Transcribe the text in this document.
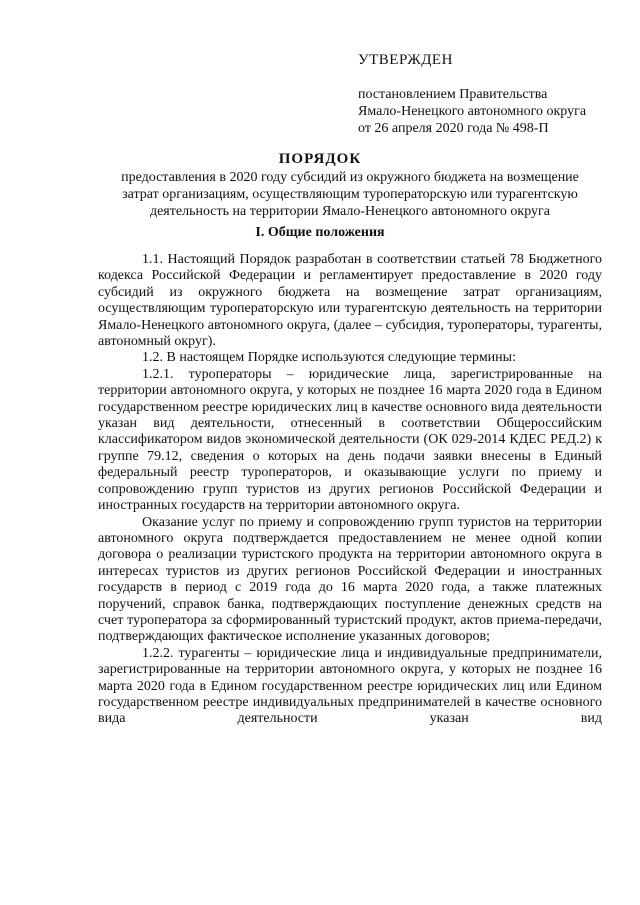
УТВЕРЖДЕН
постановлением Правительства
Ямало-Ненецкого автономного округа
от 26 апреля 2020 года № 498-П
ПОРЯДОК
предоставления в 2020 году субсидий из окружного бюджета на возмещение
затрат организациям, осуществляющим туроператорскую или турагентскую
деятельность на территории Ямало-Ненецкого автономного округа
I. Общие положения

1.1. Настоящий Порядок разработан в соответствии статьей 78 Бюджетного кодекса Российской Федерации и регламентирует предоставление в 2020 году субсидий из окружного бюджета на возмещение затрат организациям, осуществляющим туроператорскую или турагентскую деятельность на территории Ямало-Ненецкого автономного округа, (далее – субсидия, туроператоры, турагенты, автономный округ).

1.2. В настоящем Порядке используются следующие термины:

1.2.1. туроператоры – юридические лица, зарегистрированные на территории автономного округа, у которых не позднее 16 марта 2020 года в Едином государственном реестре юридических лиц в качестве основного вида деятельности указан вид деятельности, отнесенный в соответствии Общероссийским классификатором видов экономической деятельности (ОК 029-2014 КДЕС РЕД.2) к группе 79.12, сведения о которых на день подачи заявки внесены в Единый федеральный реестр туроператоров, и оказывающие услуги по приему и сопровождению групп туристов из других регионов Российской Федерации и иностранных государств на территории автономного округа.

Оказание услуг по приему и сопровождению групп туристов на территории автономного округа подтверждается предоставлением не менее одной копии договора о реализации туристского продукта на территории автономного округа в интересах туристов из других регионов Российской Федерации и иностранных государств в период с 2019 года до 16 марта 2020 года, а также платежных поручений, справок банка, подтверждающих поступление денежных средств на счет туроператора за сформированный туристский продукт, актов приема-передачи, подтверждающих фактическое исполнение указанных договоров;

1.2.2. турагенты – юридические лица и индивидуальные предприниматели, зарегистрированные на территории автономного округа, у которых не позднее 16 марта 2020 года в Едином государственном реестре юридических лиц или Едином государственном реестре индивидуальных предпринимателей в качестве основного вида деятельности указан вид
